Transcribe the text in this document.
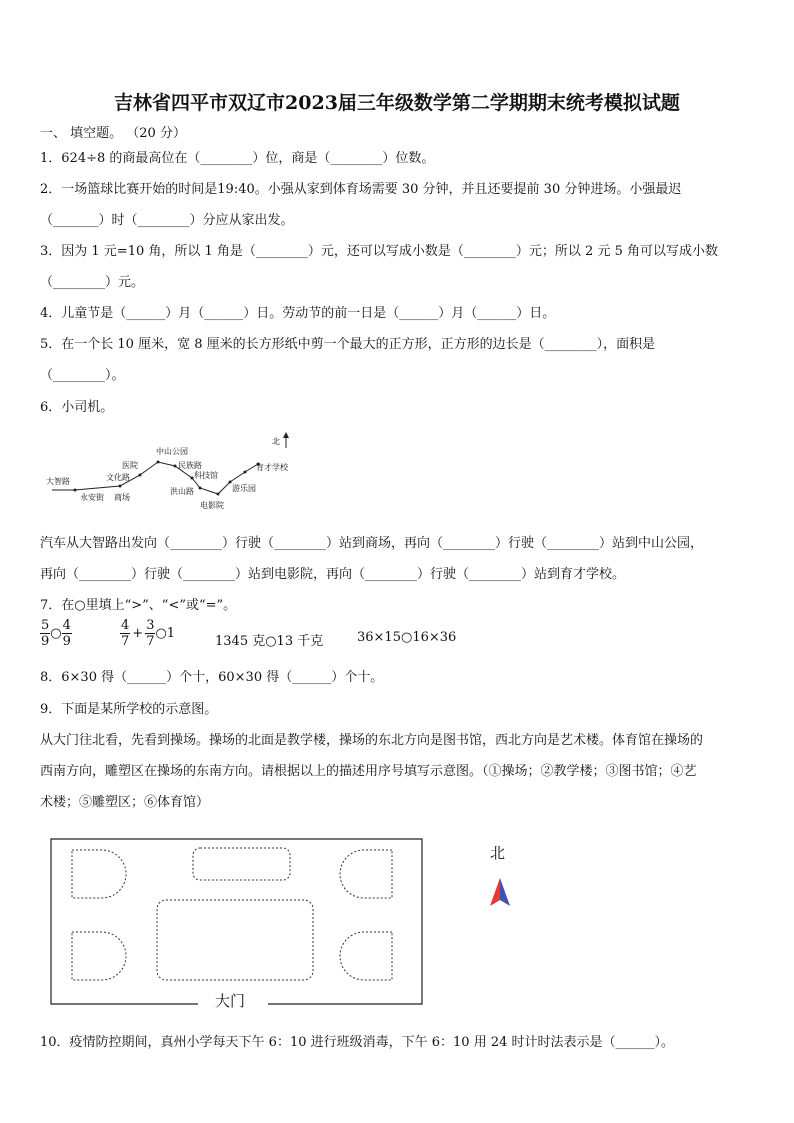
吉林省四平市双辽市2023届三年级数学第二学期期末统考模拟试题
一、 填空题。 （20 分）
1．624÷8 的商最高位在（________）位，商是（________）位数。
2．一场篮球比赛开始的时间是19:40。小强从家到体育场需要 30 分钟，并且还要提前 30 分钟进场。小强最迟
（_______）时（________）分应从家出发。
3．因为 1 元=10 角，所以 1 角是（________）元，还可以写成小数是（________）元；所以 2 元 5 角可以写成小数
（________）元。
4．儿童节是（______）月（______）日。劳动节的前一日是（______）月（______）日。
5．在一个长 10 厘米，宽 8 厘米的长方形纸中剪一个最大的正方形，正方形的边长是（________），面积是
（________）。
6．小司机。
北
大智路
永安街 商场
文化路
医院
中山公园
民族路
科技馆
洪山路
电影院
游乐园
育才学校
汽车从大智路出发向（________）行驶（________）站到商场，再向（________）行驶（________）站到中山公园，
再向（________）行驶（________）站到电影院，再向（________）行驶（________）站到育才学校。
7．在○里填上“>”、“<”或“=”。
$\frac{5}{9}$ ○ $\frac{4}{9}$	$\frac{4}{7} + \frac{3}{7}$ ○1
1345 克○13 千克	36×15○16×36
8．6×30 得（______）个十，60×30 得（______）个十。
9．下面是某所学校的示意图。
从大门往北看，先看到操场。操场的北面是教学楼，操场的东北方向是图书馆，西北方向是艺术楼。体育馆在操场的
西南方向，雕塑区在操场的东南方向。请根据以上的描述用序号填写示意图。（①操场；②教学楼；③图书馆；④艺
术楼；⑤雕塑区；⑥体育馆）
大门
北
10．疫情防控期间，真州小学每天下午 6：10 进行班级消毒，下午 6：10 用 24 时计时法表示是（______）。
